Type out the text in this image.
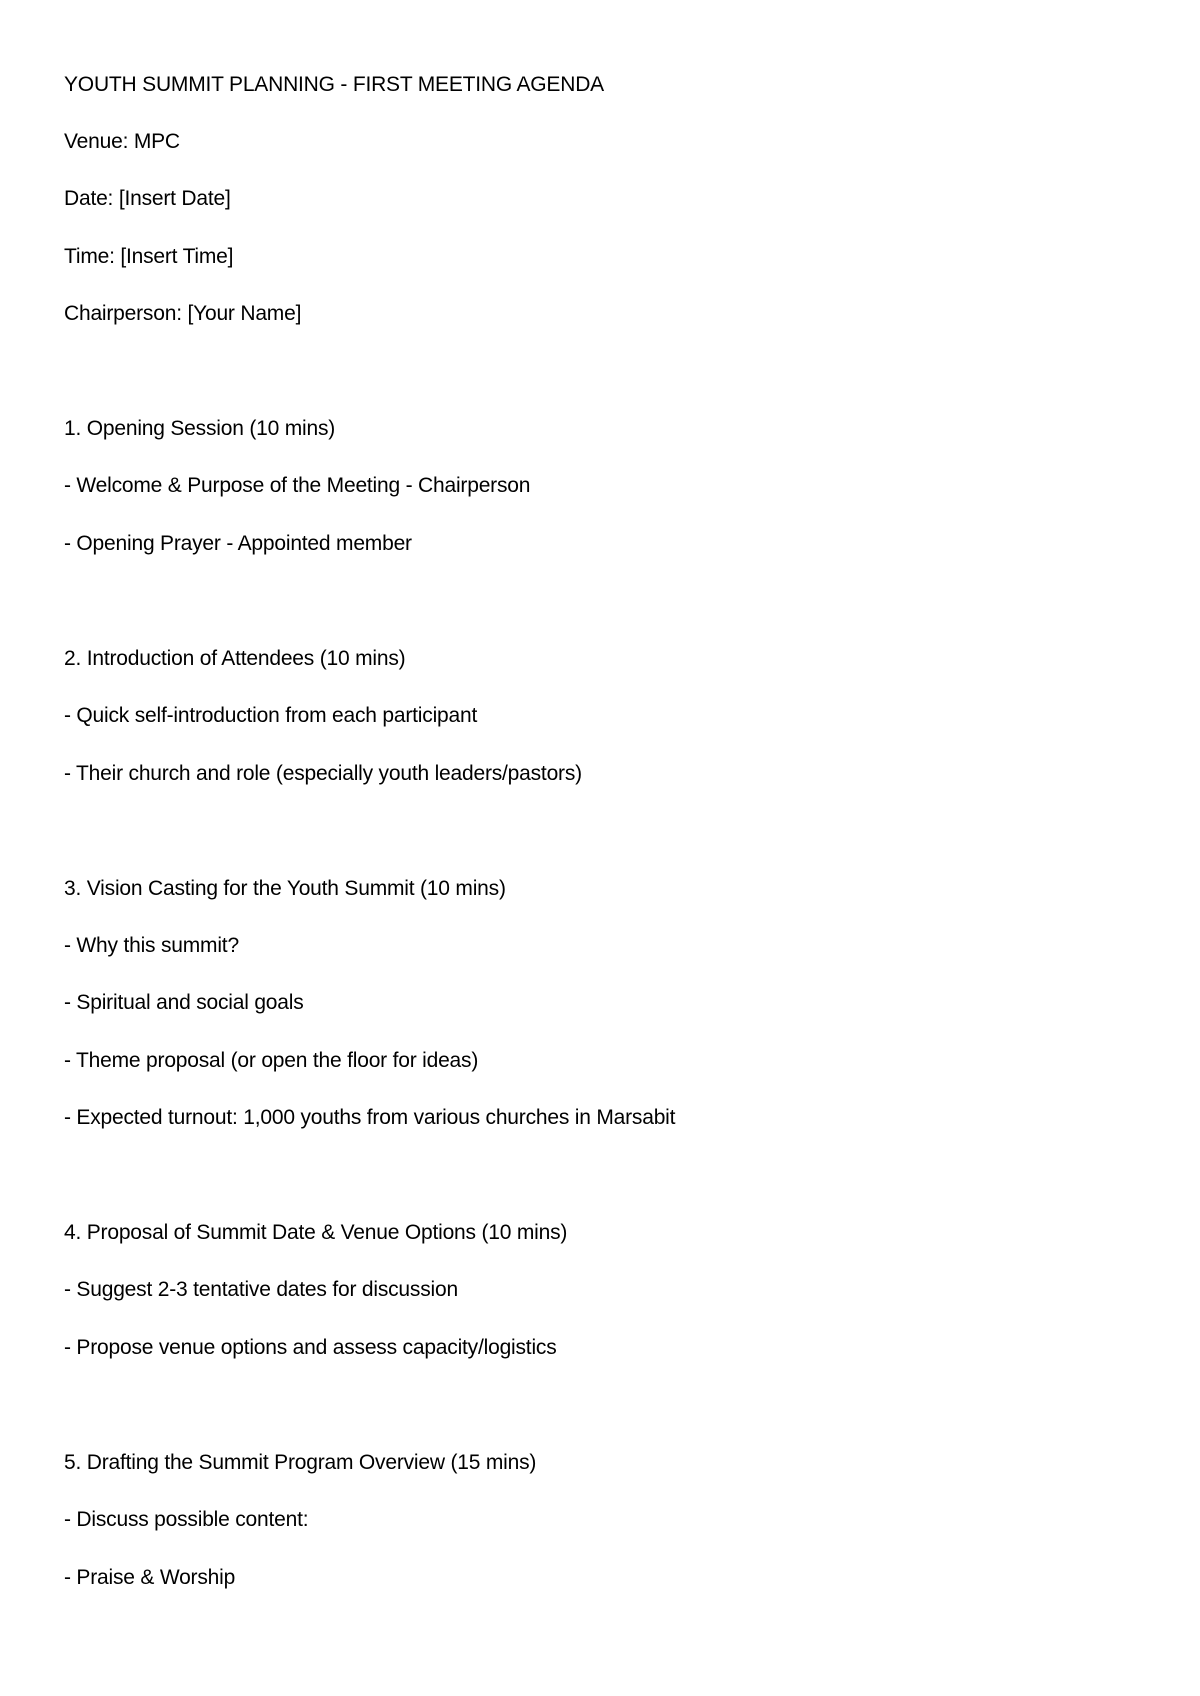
YOUTH SUMMIT PLANNING - FIRST MEETING AGENDA
Venue: MPC
Date: [Insert Date]
Time: [Insert Time]
Chairperson: [Your Name]
1. Opening Session (10 mins)
- Welcome & Purpose of the Meeting - Chairperson
- Opening Prayer - Appointed member
2. Introduction of Attendees (10 mins)
- Quick self-introduction from each participant
- Their church and role (especially youth leaders/pastors)
3. Vision Casting for the Youth Summit (10 mins)
- Why this summit?
- Spiritual and social goals
- Theme proposal (or open the floor for ideas)
- Expected turnout: 1,000 youths from various churches in Marsabit
4. Proposal of Summit Date & Venue Options (10 mins)
- Suggest 2-3 tentative dates for discussion
- Propose venue options and assess capacity/logistics
5. Drafting the Summit Program Overview (15 mins)
- Discuss possible content:
- Praise & Worship
